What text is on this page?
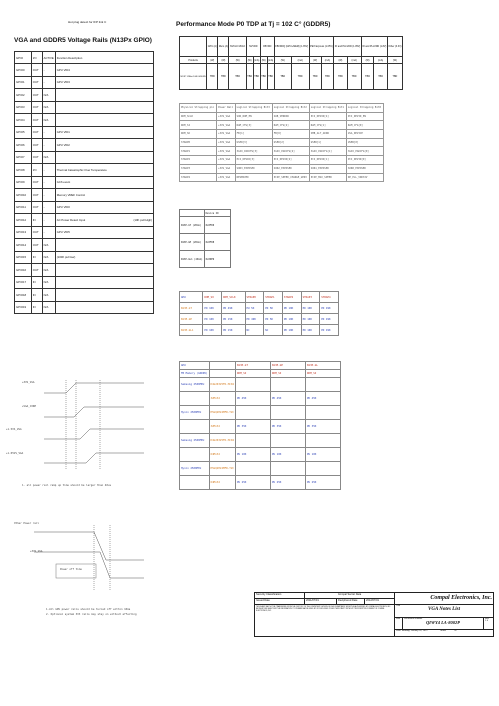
Hot plug detect for IFP link C
VGA and GDDR5 Voltage Rails (N13Px GPIO)
Performance Mode P0 TDP at Tj = 102 C° (GDDR5)
GPIO	I/O	ACTIVE	Function Description
GPIO0	OUT	-	GPU VID4

GPIO1	OUT	-	GPU VID3

GPIO2	OUT	N/A	

GPIO3	OUT	N/A	

GPIO4	OUT	N/A	

GPIO5	OUT	-	GPU VID1

GPIO6	OUT	-	GPU VID2

GPIO7	OUT	N/A	

GPIO8	I/O	-	Thermal Catastrophic Over Temperature

GPIO9	OUT	-	GC6 event

GPIO10	OUT	-	Memory VREF Control

GPIO11	OUT	-	GPU VID0

GPIO12	IN	-	AC Power Detect Input (10K pull High)

GPIO13	OUT	-	GPU VID5

GPIO14	OUT	N/A	

GPIO15	IN	N/A	(100K pull low)

GPIO16	OUT	N/A	

GPIO17	IN	N/A	

GPIO18	IN	N/A	

GPIO19	IN	N/A	
	GPU (A)	Mem (A)	NVCLK MCLK	NVVDD		FBVDD		FBVDDQ (GPU+MEM) (1.35V)		PEX Express (1.05V)		IO and PLLVDD (1.05V)		IO and PLLVDD (1.8V)		Other (3.3V)
Products	(W)	(W)	(W)	(W)	(mA)	(W)	(mA)	(W)	(mA)	(W)	(mA)	(W)	(mA)	(W)	(mA)	(W)
N13P 128bit 1GB GDDR5	TBD	TBD	TBD	TBD	TBD	TBD	TBD	TBD	TBD	TBD	TBD	TBD	TBD	TBD	TBD	TBD
Physical Strapping pin	Power Rail	Logical Strapping Bit3	Logical Strapping Bit2	Logical Strapping Bit1	Logical Strapping Bit0
ROM_SCLK	+3VS_VGA	SOR_ROM_EN	SUB_VENDOR	PCI_DEVID[4]	PCI_DEVID_EN
ROM_SI	+3VS_VGA	RAM_CFG[3]	RAM_CFG[2]	RAM_CFG[1]	RAM_CFG[0]
ROM_SO	+3VS_VGA	FB[1]	FB[0]	SMB_ALT_ADDR	VGA_DEVICE
STRAP0	+3VS_VGA	USER[3]	USER[2]	USER[1]	USER[0]
STRAP1	+3VS_VGA	3GIO_PADCFG[3]	3GIO_PADCFG[2]	3GIO_PADCFG[1]	3GIO_PADCFG[0]
STRAP2	+3VS_VGA	PCI_DEVID[3]	PCI_DEVID[2]	PCI_DEVID[1]	PCI_DEVID[0]
STRAP3	+3VS_VGA	SOR3_EXPOSED	SOR2_EXPOSED	SOR1_EXPOSED	SOR0_EXPOSED
STRAP4	+3VS_VGA	RESERVED	PCIE_SPEED_CHANGE_GEN3	PCIE_MAX_SPEED	DP_PLL_VDD33V
	Device ID
N13P-GT (28nm)	0x0FD0
N13E-GE (28nm)	0x0FD8
N13P-GL1 (40nm)	0x0DE9
GPU	ROM_SO	ROM_SCLK	STRAP0	STRAP1	STRAP2	STRAP3	STRAP4
N13P-GT	PD 10K	PD 49K	PU 5K	PD 5K	PD 10K	PD 10K	PD 49K
N13E-GE	PD 10K	PD 15K	PD 49K	PD 5K	PD 10K	PD 10K	PD 49K
N13P-GL1	PD 10K	PD 15K	NC	NC	PD 10K	PD 10K	PD 49K
GPU		N13P-GT	N13E-GE	N13P-GL
FB Memory (GDDR5)		ROM_SI	ROM_SI	ROM_SI
Samsung 2500MHz	K4G20325FD-HC04			
	32Mx32	PD 45K	PD 45K	PD 45K
Hynix 2500MHz	H5GQ2H24MFR-T2C			
	32Mx32	PD 35K	PD 35K	PD 35K
Samsung 2500MHz	K4G20325FD-HC04			
	64Mx32	PU 10K	PU 10K	PU 10K
Hynix 2500MHz	H5GQ2H24MFR-T2C			
	64Mx32	PU 25K	PU 25K	PU 25K
+3VS_VGA
+VGA_CORE
+1.5VS_VGA
+1.05VS_VGA
1. all power rail ramp up time should be larger than 40us
Other Power rail
+3VS_VGA
Power off time
1.All GPU power rails should be turned off within 10ms
2. Optional system 3V3 rails may stay on without affecting
Security Classification	Compal Secret Data			Compal Electronics, Inc.		
Issued Date	2011/07/01	Deciphered Date	2012/07/01			
THIS SHEET OF ENGINEERING DRAWING IS THE PROPRIETARY PROPERTY OF COMPAL ELECTRONICS, INC. AND CONTAINS CONFIDENTIAL AND TRADE SECRET INFORMATION. THIS SHEET MAY NOT BE TRANSFERED FROM THE CUSTODY OF THE COMPETENT DIVISION OF R&D DEPARTMENT EXCEPT AS AUTHORIZED BY COMPAL ELECTRONICS, INC. NEITHER THIS SHEET NOR THE INFORMATION IT CONTAINS MAY BE USED BY OR DISCLOSED TO ANY THIRD PARTY WITHOUT PRIOR WRITTEN CONSENT OF COMPAL ELECTRONICS, INC.				Title
VGA Notes List		

				Size	Document Number
QIWY4 LA-8002P	Rev
1.0

				Date: Monday, January 16, 2012 Sheet of		
